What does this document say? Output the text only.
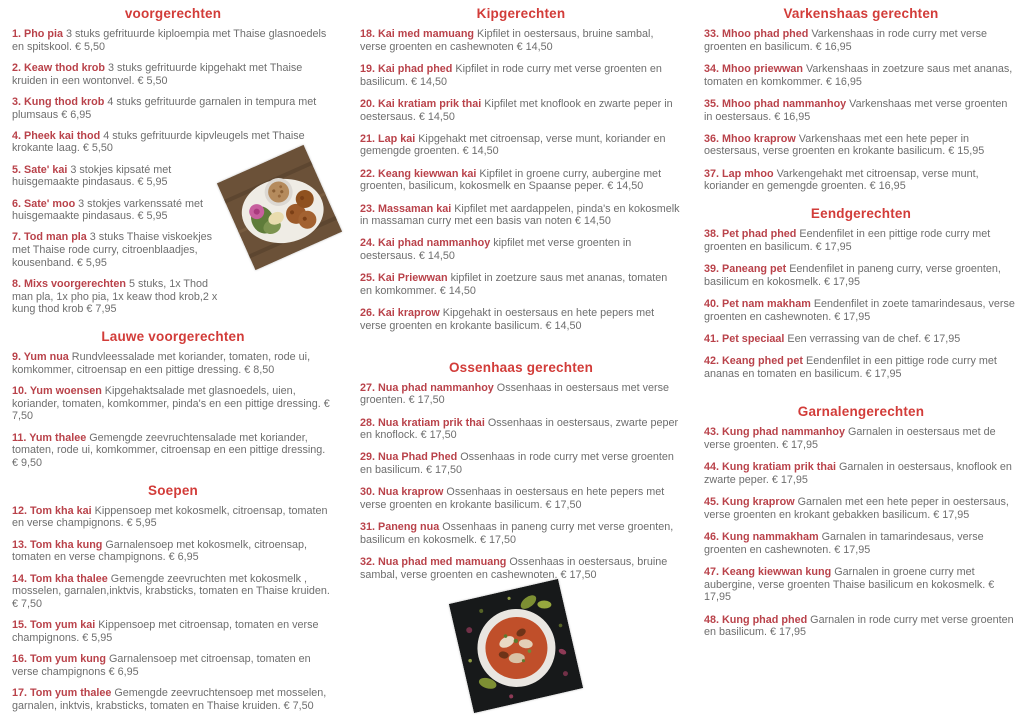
voorgerechten

1. Pho pia 3 stuks gefrituurde kiploempia met Thaise glasnoedels en spitskool. € 5,50

2. Keaw thod krob 3 stuks gefrituurde kipgehakt met Thaise kruiden in een wontonvel. € 5,50

3. Kung thod krob 4 stuks gefrituurde garnalen in tempura met plumsaus € 6,95

4. Pheek kai thod 4 stuks gefrituurde kipvleugels met Thaise krokante laag. € 5,50

5. Sate' kai 3 stokjes kipsaté met huisgemaakte pindasaus. € 5,95

6. Sate' moo 3 stokjes varkenssaté met huisgemaakte pindasaus. € 5,95

7. Tod man pla 3 stuks Thaise viskoekjes met Thaise rode curry, citroenblaadjes, kousenband. € 5,95

8. Mixs voorgerechten 5 stuks, 1x Thod man pla, 1x pho pia, 1x keaw thod krob,2 x kung thod krob € 7,95

Lauwe voorgerechten

9. Yum nua Rundvleessalade met koriander, tomaten, rode ui, komkommer, citroensap en een pittige dressing. € 8,50

10. Yum woensen Kipgehaktsalade met glasnoedels, uien, koriander, tomaten, komkommer, pinda's en een pittige dressing. € 7,50

11. Yum thalee Gemengde zeevruchtensalade met koriander, tomaten, rode ui, komkommer, citroensap en een pittige dressing. € 9,50

Soepen

12. Tom kha kai Kippensoep met kokosmelk, citroensap, tomaten en verse champignons. € 5,95

13. Tom kha kung Garnalensoep met kokosmelk, citroensap, tomaten en verse champignons. € 6,95

14. Tom kha thalee Gemengde zeevruchten met kokosmelk , mosselen, garnalen,inktvis, krabsticks, tomaten en Thaise kruiden. € 7,50

15. Tom yum kai Kippensoep met citroensap, tomaten en verse champignons. € 5,95

16. Tom yum kung Garnalensoep met citroensap, tomaten en verse champignons € 6,95

17. Tom yum thalee Gemengde zeevruchtensoep met mosselen, garnalen, inktvis, krabsticks, tomaten en Thaise kruiden. € 7,50

Kipgerechten

18. Kai med mamuang Kipfilet in oestersaus, bruine sambal, verse groenten en cashewnoten € 14,50

19. Kai phad phed Kipfilet in rode curry met verse groenten en basilicum. € 14,50

20. Kai kratiam prik thai Kipfilet met knoflook en zwarte peper in oestersaus. € 14,50

21. Lap kai Kipgehakt met citroensap, verse munt, koriander en gemengde groenten. € 14,50

22. Keang kiewwan kai Kipfilet in groene curry, aubergine met groenten, basilicum, kokosmelk en Spaanse peper. € 14,50

23. Massaman kai Kipfilet met aardappelen, pinda's en kokosmelk in massaman curry met een basis van noten € 14,50

24. Kai phad nammanhoy kipfilet met verse groenten in oestersaus. € 14,50

25. Kai Priewwan kipfilet in zoetzure saus met ananas, tomaten en komkommer. € 14,50

26. Kai kraprow Kipgehakt in oestersaus en hete pepers met verse groenten en krokante basilicum. € 14,50

Ossenhaas gerechten

27. Nua phad nammanhoy Ossenhaas in oestersaus met verse groenten. € 17,50

28. Nua kratiam prik thai Ossenhaas in oestersaus, zwarte peper en knoflock. € 17,50

29. Nua Phad Phed Ossenhaas in rode curry met verse groenten en basilicum. € 17,50

30. Nua kraprow Ossenhaas in oestersaus en hete pepers met verse groenten en krokante basilicum. € 17,50

31. Paneng nua Ossenhaas in paneng curry met verse groenten, basilicum en kokosmelk. € 17,50

32. Nua phad med mamuang Ossenhaas in oestersaus, bruine sambal, verse groenten en cashewnoten. € 17,50

Varkenshaas gerechten

33. Mhoo phad phed Varkenshaas in rode curry met verse groenten en basilicum. € 16,95

34. Mhoo priewwan Varkenshaas in zoetzure saus met ananas, tomaten en komkommer. € 16,95

35. Mhoo phad nammanhoy Varkenshaas met verse groenten in oestersaus. € 16,95

36. Mhoo kraprow Varkenshaas met een hete peper in oestersaus, verse groenten en krokante basilicum. € 15,95

37. Lap mhoo Varkengehakt met citroensap, verse munt, koriander en gemengde groenten. € 16,95

Eendgerechten

38. Pet phad phed Eendenfilet in een pittige rode curry met groenten en basilicum. € 17,95

39. Paneang pet Eendenfilet in paneng curry, verse groenten, basilicum en kokosmelk. € 17,95

40. Pet nam makham Eendenfilet in zoete tamarindesaus, verse groenten en cashewnoten. € 17,95

41. Pet speciaal Een verrassing van de chef. € 17,95

42. Keang phed pet Eendenfilet in een pittige rode curry met ananas en tomaten en basilicum. € 17,95

Garnalengerechten

43. Kung phad nammanhoy Garnalen in oestersaus met de verse groenten. € 17,95

44. Kung kratiam prik thai Garnalen in oestersaus, knoflook en zwarte peper. € 17,95

45. Kung kraprow Garnalen met een hete peper in oestersaus, verse groenten en krokant gebakken basilicum. € 17,95

46. Kung nammakham Garnalen in tamarindesaus, verse groenten en cashewnoten. € 17,95

47. Keang kiewwan kung Garnalen in groene curry met aubergine, verse groenten Thaise basilicum en kokosmelk. € 17,95

48. Kung phad phed Garnalen in rode curry met verse groenten en basilicum. € 17,95
